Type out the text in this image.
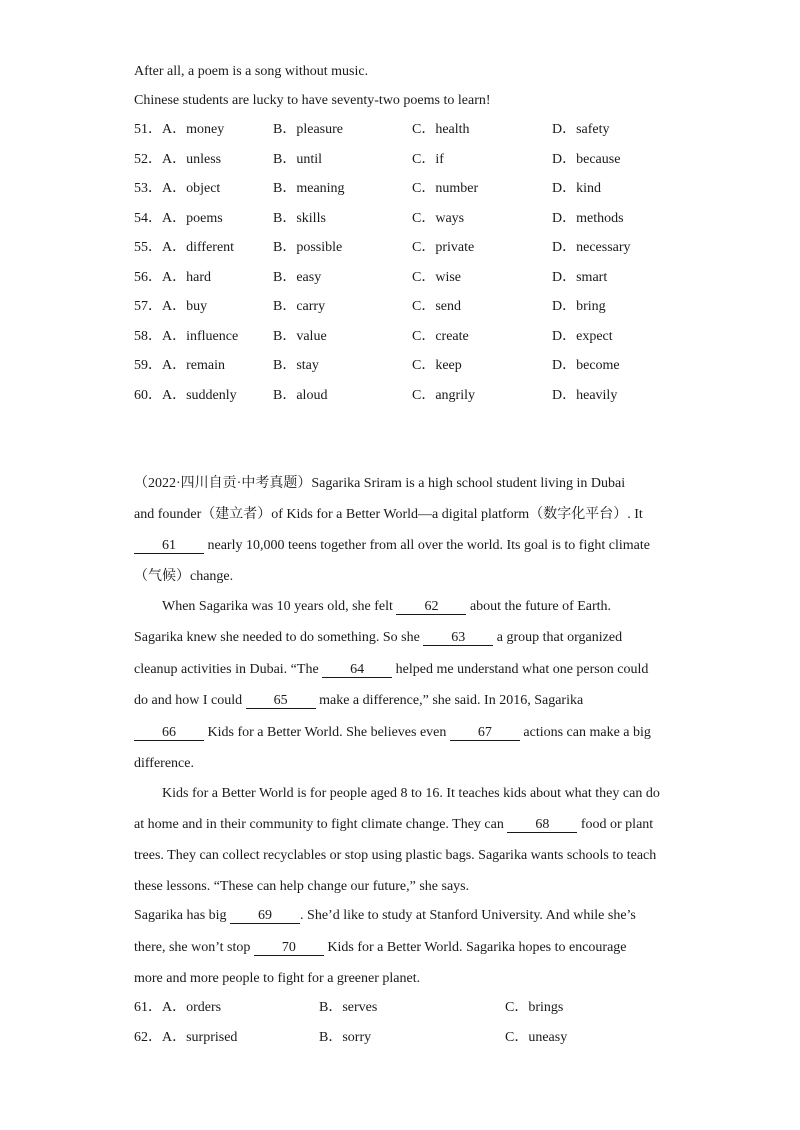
After all, a poem is a song without music.
Chinese students are lucky to have seventy-two poems to learn!
51． A．money	B．pleasure	C．health	D．safety
52． A．unless	B．until	C．if	D．because
53． A．object	B．meaning	C．number	D．kind
54． A．poems	B．skills	C．ways	D．methods
55． A．different	B．possible	C．private	D．necessary
56． A．hard	B．easy	C．wise	D．smart
57． A．buy	B．carry	C．send	D．bring
58． A．influence B．value	C．create	D．expect
59． A．remain	B．stay	C．keep	D．become
60． A．suddenly	B．aloud	C．angrily	D．heavily
（2022·四川自贡·中考真题）Sagarika Sriram is a high school student living in Dubai
and founder（建立者）of Kids for a Better World—a digital platform（数字化平台）. It
61 nearly 10,000 teens together from all over the world. Its goal is to fight climate
（气候）change.
When Sagarika was 10 years old, she felt 62 about the future of Earth.
Sagarika knew she needed to do something. So she 63 a group that organized
cleanup activities in Dubai. “The 64 helped me understand what one person could
do and how I could 65 make a difference,” she said. In 2016, Sagarika
66 Kids for a Better World. She believes even 67 actions can make a big
difference.
Kids for a Better World is for people aged 8 to 16. It teaches kids about what they can do
at home and in their community to fight climate change. They can 68 food or plant
trees. They can collect recyclables or stop using plastic bags. Sagarika wants schools to teach
these lessons. “These can help change our future,” she says.
Sagarika has big 69 . She’d like to study at Stanford University. And while she’s
there, she won’t stop 70 Kids for a Better World. Sagarika hopes to encourage
more and more people to fight for a greener planet.
61． A．orders	B．serves	C．brings
62． A．surprised	B．sorry	C．uneasy
